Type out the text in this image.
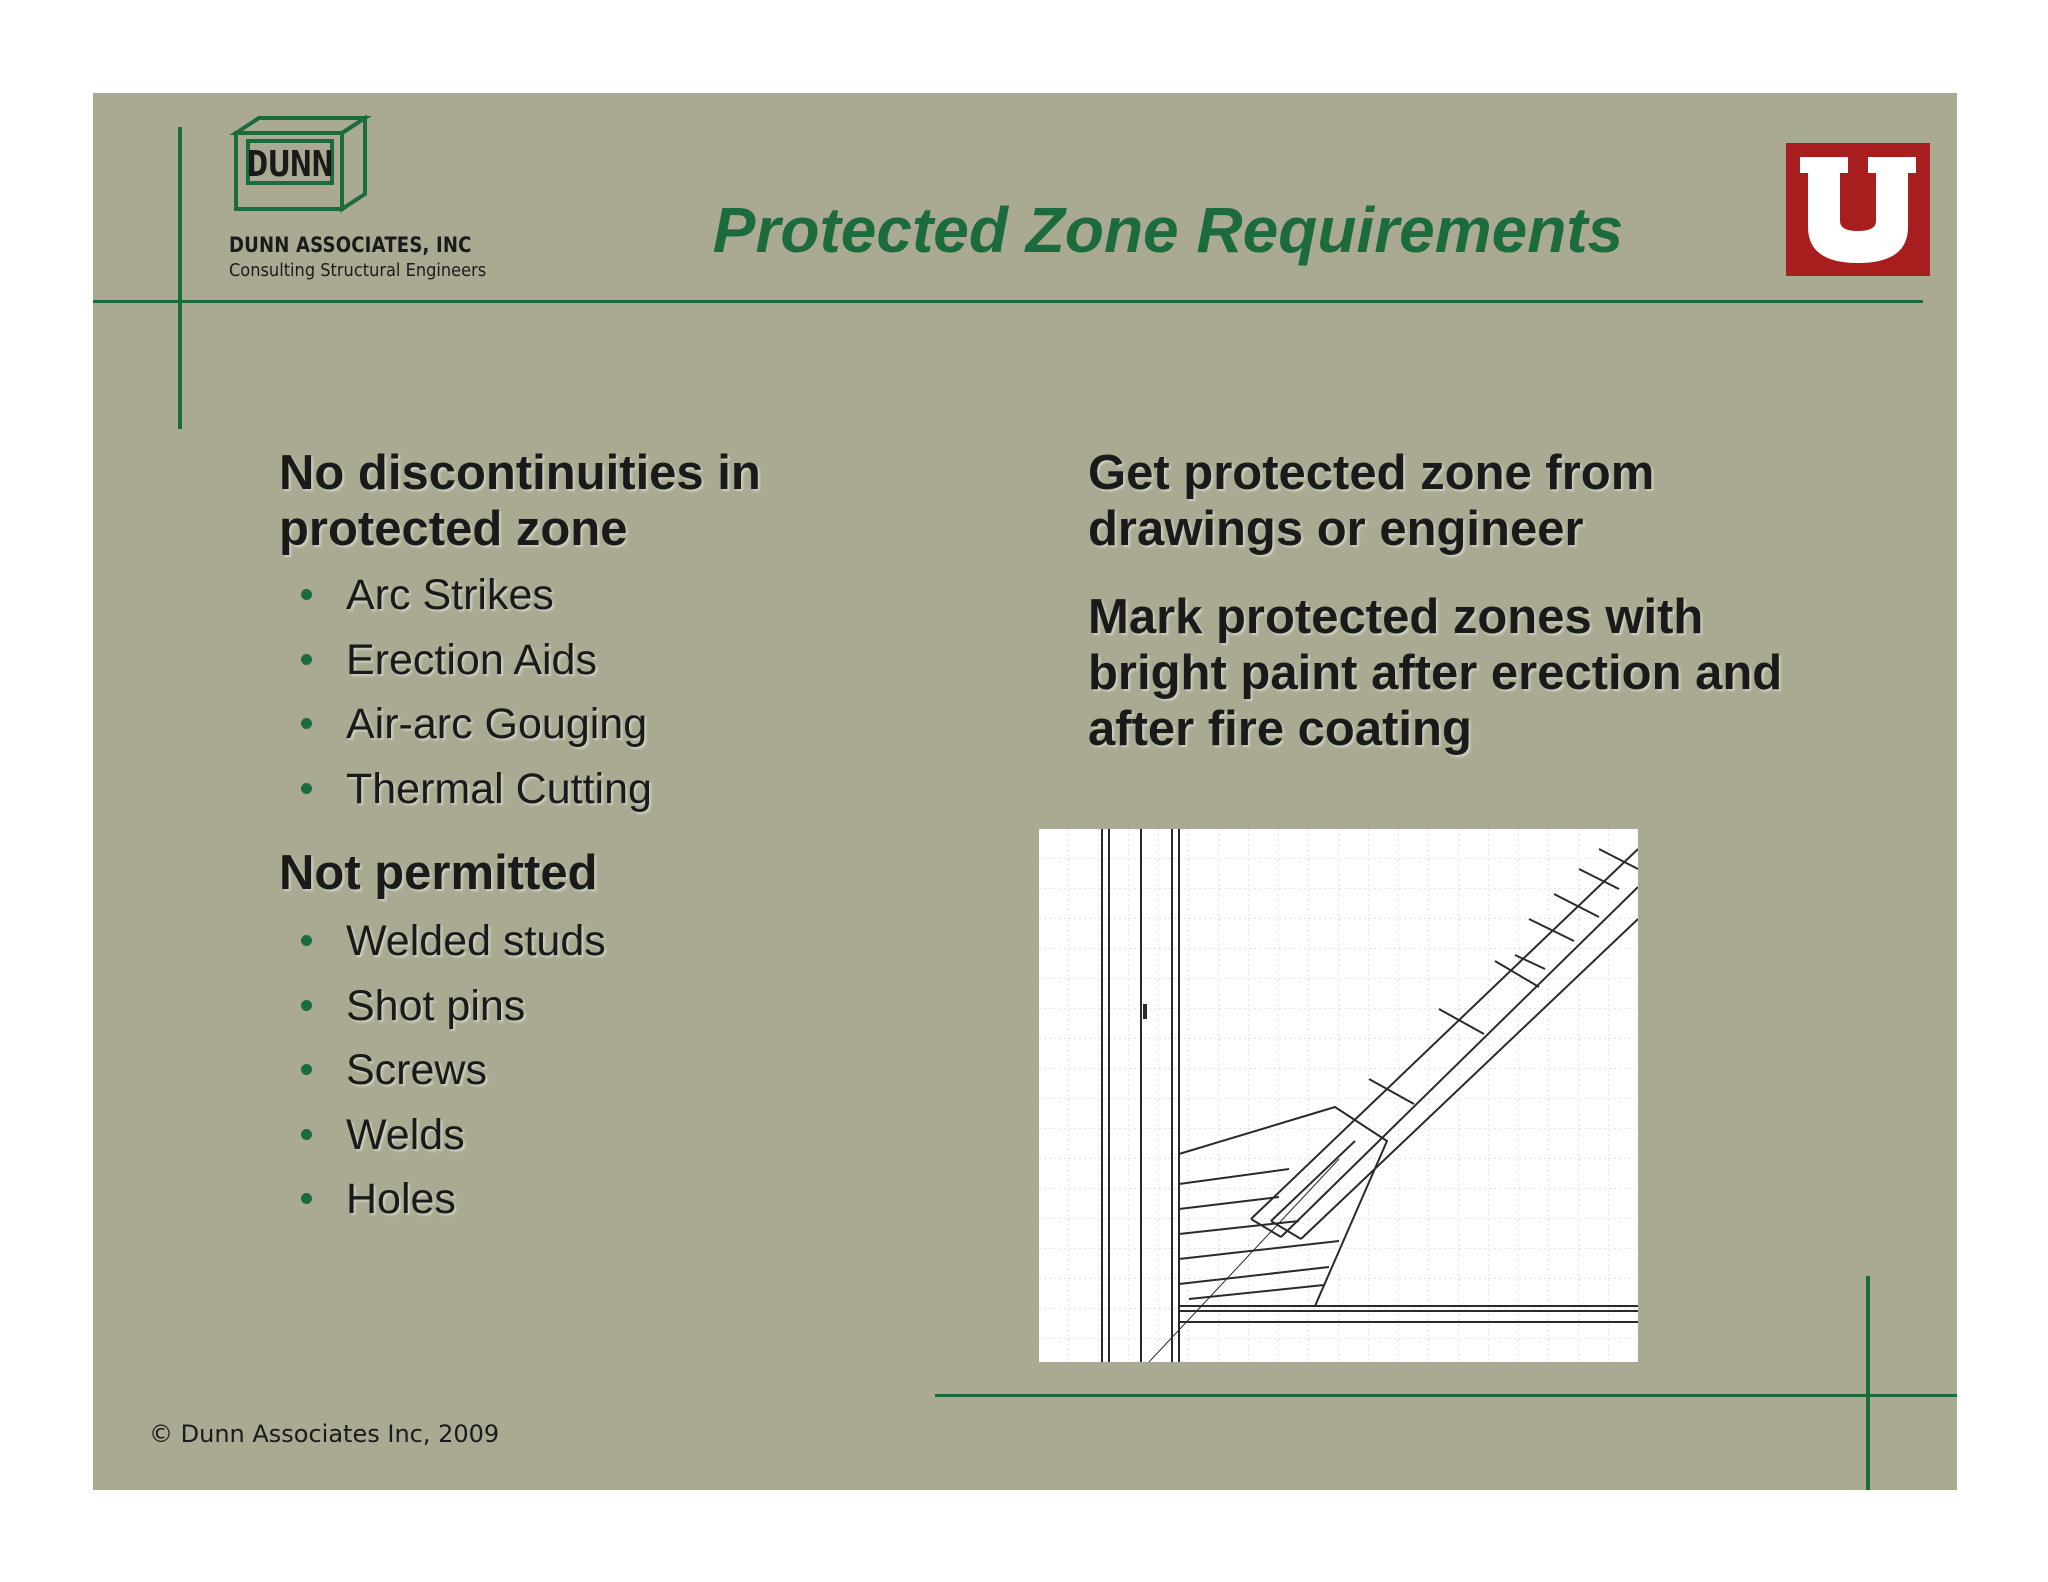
DUNN
DUNN ASSOCIATES, INC
Consulting Structural Engineers
Protected Zone Requirements
No discontinuities in
protected zone
Arc Strikes
Erection Aids
Air-arc Gouging
Thermal Cutting
Not permitted
Welded studs
Shot pins
Screws
Welds
Holes
Get protected zone from
drawings or engineer
Mark protected zones with
bright paint after erection and
after fire coating
© Dunn Associates Inc, 2009
